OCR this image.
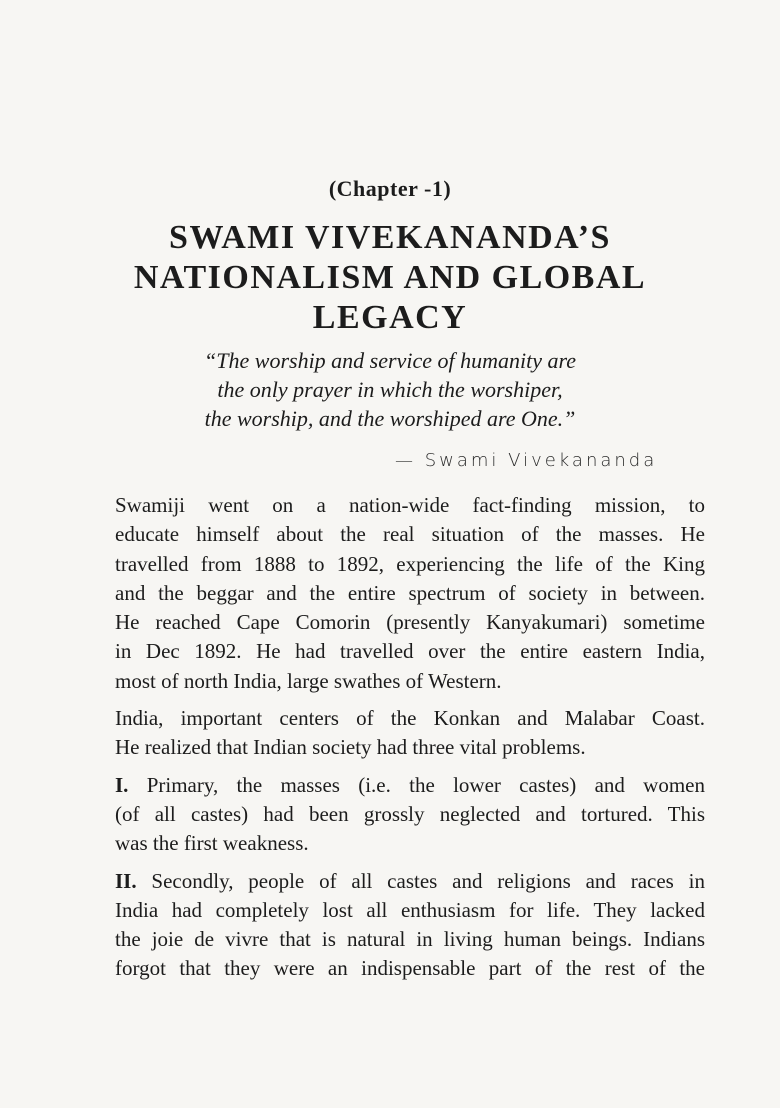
(Chapter -1)
SWAMI VIVEKANANDA’S
NATIONALISM AND GLOBAL
LEGACY
“The worship and service of humanity are
the only prayer in which the worshiper,
the worship, and the worshiped are One.”
— Swami Vivekananda

Swamiji went on a nation-wide fact-finding mission, to
educate himself about the real situation of the masses. He
travelled from 1888 to 1892, experiencing the life of the King
and the beggar and the entire spectrum of society in between.
He reached Cape Comorin (presently Kanyakumari) sometime
in Dec 1892. He had travelled over the entire eastern India,
most of north India, large swathes of Western.

India, important centers of the Konkan and Malabar Coast.
He realized that Indian society had three vital problems.

I. Primary, the masses (i.e. the lower castes) and women
(of all castes) had been grossly neglected and tortured. This
was the first weakness.

II. Secondly, people of all castes and religions and races in
India had completely lost all enthusiasm for life. They lacked
the joie de vivre that is natural in living human beings. Indians
forgot that they were an indispensable part of the rest of the
